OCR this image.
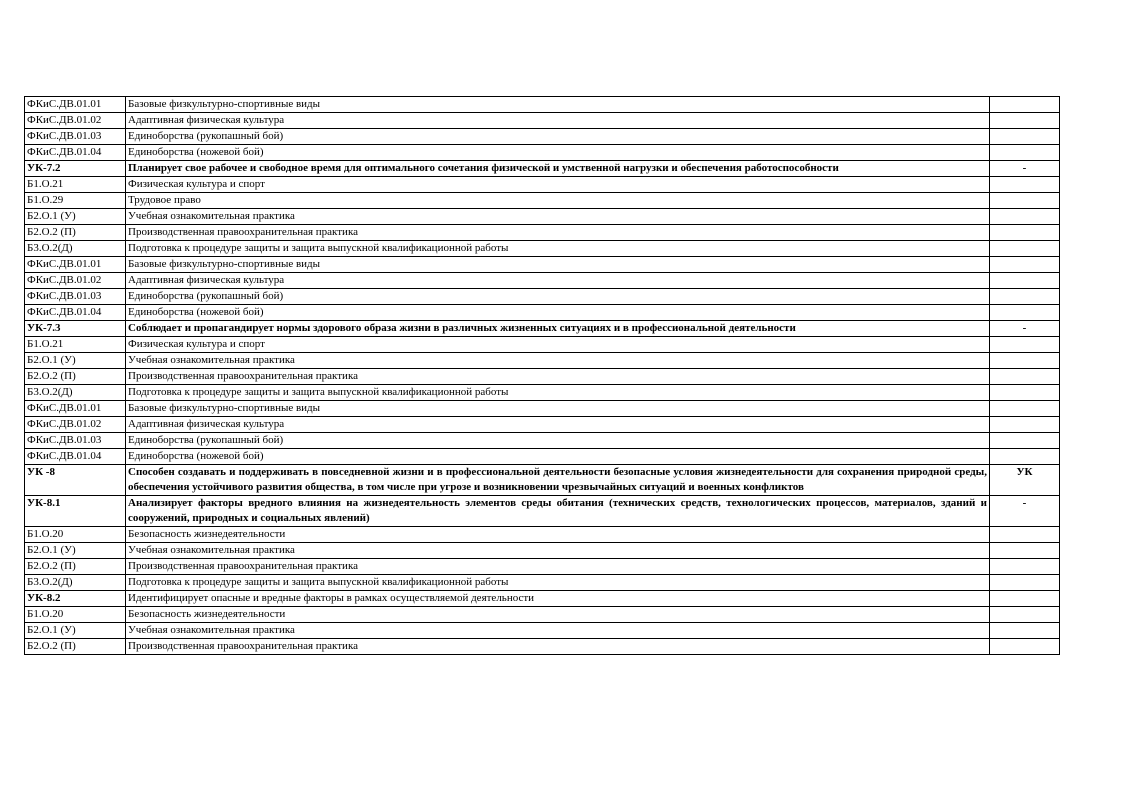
ФКиС.ДВ.01.01	Базовые физкультурно-спортивные виды	
ФКиС.ДВ.01.02	Адаптивная физическая культура	
ФКиС.ДВ.01.03	Единоборства (рукопашный бой)	
ФКиС.ДВ.01.04	Единоборства (ножевой бой)	
УК-7.2	Планирует свое рабочее и свободное время для оптимального сочетания физической и умственной нагрузки и обеспечения работоспособности	-
Б1.О.21	Физическая культура и спорт	
Б1.О.29	Трудовое право	
Б2.О.1 (У)	Учебная ознакомительная практика	
Б2.О.2 (П)	Производственная правоохранительная практика	
Б3.О.2(Д)	Подготовка к процедуре защиты и защита выпускной квалификационной работы	
ФКиС.ДВ.01.01	Базовые физкультурно-спортивные виды	
ФКиС.ДВ.01.02	Адаптивная физическая культура	
ФКиС.ДВ.01.03	Единоборства (рукопашный бой)	
ФКиС.ДВ.01.04	Единоборства (ножевой бой)	
УК-7.3	Соблюдает и пропагандирует нормы здорового образа жизни в различных жизненных ситуациях и в профессиональной деятельности	-
Б1.О.21	Физическая культура и спорт	
Б2.О.1 (У)	Учебная ознакомительная практика	
Б2.О.2 (П)	Производственная правоохранительная практика	
Б3.О.2(Д)	Подготовка к процедуре защиты и защита выпускной квалификационной работы	
ФКиС.ДВ.01.01	Базовые физкультурно-спортивные виды	
ФКиС.ДВ.01.02	Адаптивная физическая культура	
ФКиС.ДВ.01.03	Единоборства (рукопашный бой)	
ФКиС.ДВ.01.04	Единоборства (ножевой бой)	
УК -8	Способен создавать и поддерживать в повседневной жизни и в профессиональной деятельности безопасные условия жизнедеятельности для сохранения природной среды, обеспечения устойчивого развития общества, в том числе при угрозе и возникновении чрезвычайных ситуаций и военных конфликтов	УК
УК-8.1	Анализирует факторы вредного влияния на жизнедеятельность элементов среды обитания (технических средств, технологических процессов, материалов, зданий и сооружений, природных и социальных явлений)	-
Б1.О.20	Безопасность жизнедеятельности	
Б2.О.1 (У)	Учебная ознакомительная практика	
Б2.О.2 (П)	Производственная правоохранительная практика	
Б3.О.2(Д)	Подготовка к процедуре защиты и защита выпускной квалификационной работы	
УК-8.2	Идентифицирует опасные и вредные факторы в рамках осуществляемой деятельности	
Б1.О.20	Безопасность жизнедеятельности	
Б2.О.1 (У)	Учебная ознакомительная практика	
Б2.О.2 (П)	Производственная правоохранительная практика	
